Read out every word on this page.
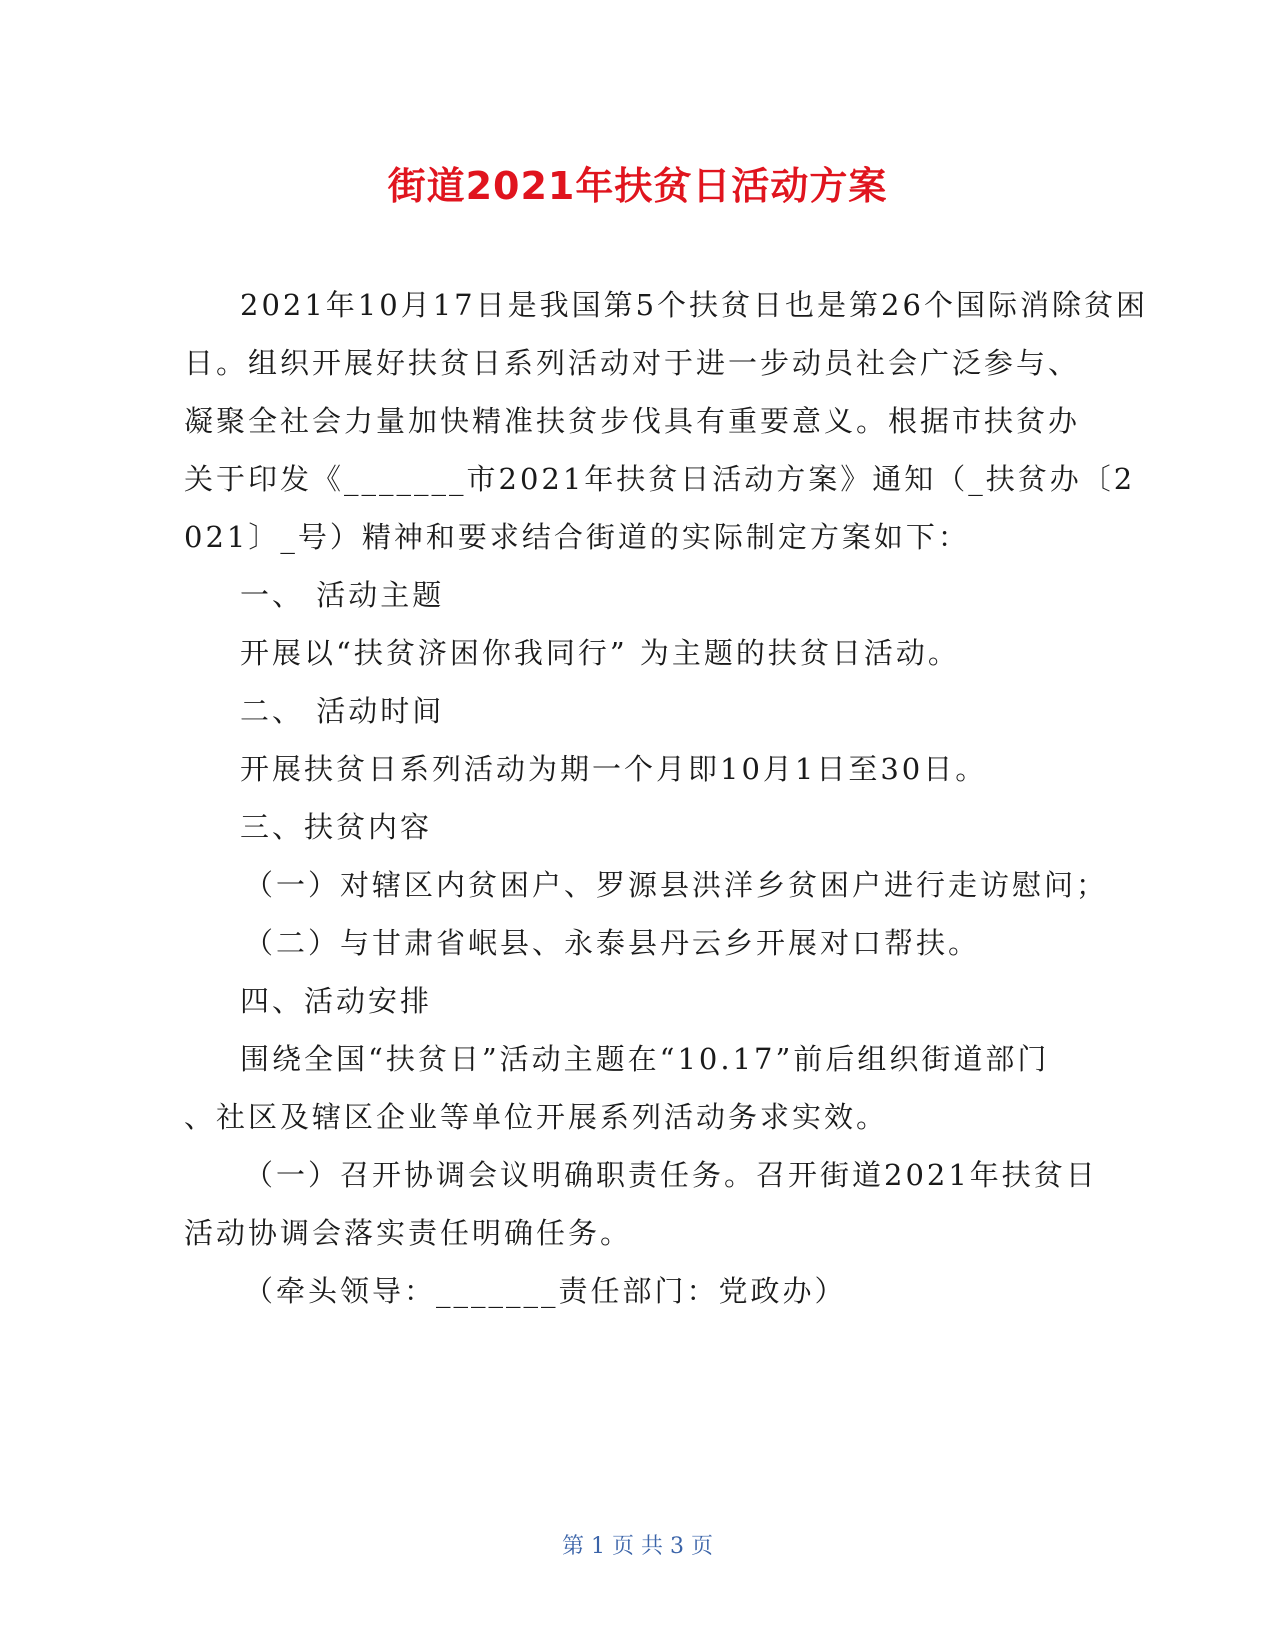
街道2021年扶贫日活动方案

2021年10月17日是我国第5个扶贫日也是第26个国际消除贫困

日。组织开展好扶贫日系列活动对于进一步动员社会广泛参与、

凝聚全社会力量加快精准扶贫步伐具有重要意义。根据市扶贫办

关于印发《_______市2021年扶贫日活动方案》通知（_扶贫办〔2

021〕_号）精神和要求结合街道的实际制定方案如下：

一、 活动主题

开展以“扶贫济困你我同行” 为主题的扶贫日活动。

二、 活动时间

开展扶贫日系列活动为期一个月即10月1日至30日。

三、扶贫内容

（一）对辖区内贫困户、罗源县洪洋乡贫困户进行走访慰问；

（二）与甘肃省岷县、永泰县丹云乡开展对口帮扶。

四、活动安排

围绕全国“扶贫日”活动主题在“10.17”前后组织街道部门

、社区及辖区企业等单位开展系列活动务求实效。

（一）召开协调会议明确职责任务。召开街道2021年扶贫日

活动协调会落实责任明确任务。

（牵头领导：_______责任部门：党政办）

第 1 页 共 3 页
